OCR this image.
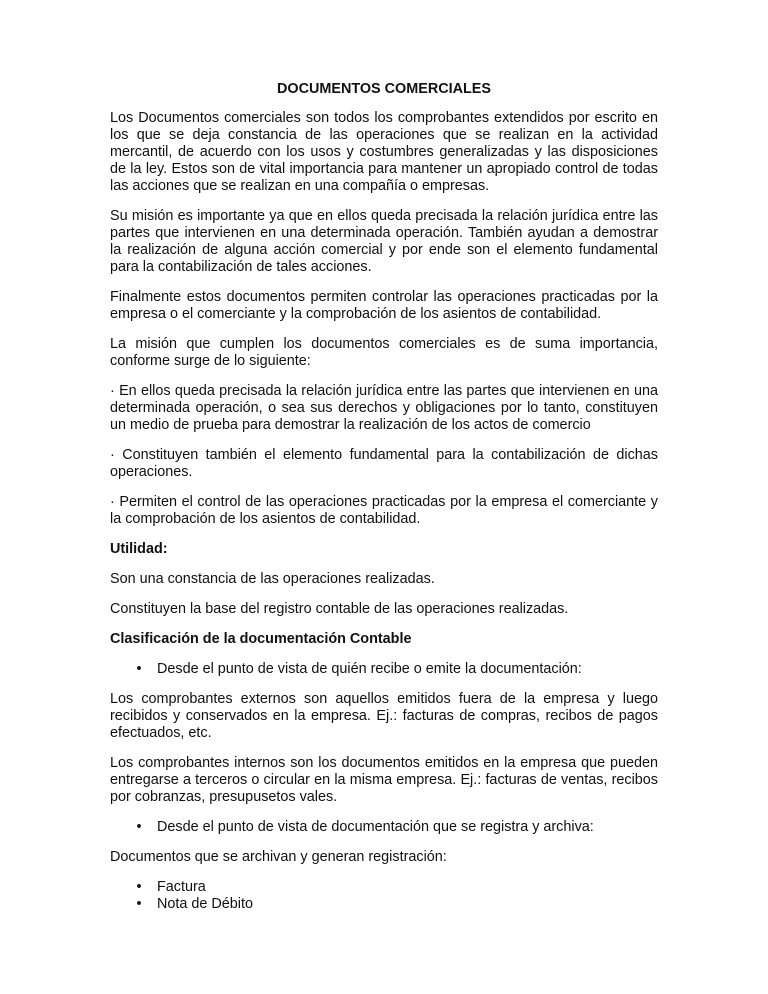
DOCUMENTOS COMERCIALES

Los Documentos comerciales son todos los comprobantes extendidos por escrito en los que se deja constancia de las operaciones que se realizan en la actividad mercantil, de acuerdo con los usos y costumbres generalizadas y las disposiciones de la ley. Estos son de vital importancia para mantener un apropiado control de todas las acciones que se realizan en una compañía o empresas.

Su misión es importante ya que en ellos queda precisada la relación jurídica entre las partes que intervienen en una determinada operación. También ayudan a demostrar la realización de alguna acción comercial y por ende son el elemento fundamental para la contabilización de tales acciones.

Finalmente estos documentos permiten controlar las operaciones practicadas por la empresa o el comerciante y la comprobación de los asientos de contabilidad.

La misión que cumplen los documentos comerciales es de suma importancia, conforme surge de lo siguiente:

· En ellos queda precisada la relación jurídica entre las partes que intervienen en una determinada operación, o sea sus derechos y obligaciones por lo tanto, constituyen un medio de prueba para demostrar la realización de los actos de comercio

· Constituyen también el elemento fundamental para la contabilización de dichas operaciones.

· Permiten el control de las operaciones practicadas por la empresa el comerciante y la comprobación de los asientos de contabilidad.

Utilidad:

Son una constancia de las operaciones realizadas.

Constituyen la base del registro contable de las operaciones realizadas.

Clasificación de la documentación Contable
• Desde el punto de vista de quién recibe o emite la documentación:

Los comprobantes externos son aquellos emitidos fuera de la empresa y luego recibidos y conservados en la empresa. Ej.: facturas de compras, recibos de pagos efectuados, etc.

Los comprobantes internos son los documentos emitidos en la empresa que pueden entregarse a terceros o circular en la misma empresa. Ej.: facturas de ventas, recibos por cobranzas, presupusetos vales.

• Desde el punto de vista de documentación que se registra y archiva:

Documentos que se archivan y generan registración:

• Factura
• Nota de Débito
